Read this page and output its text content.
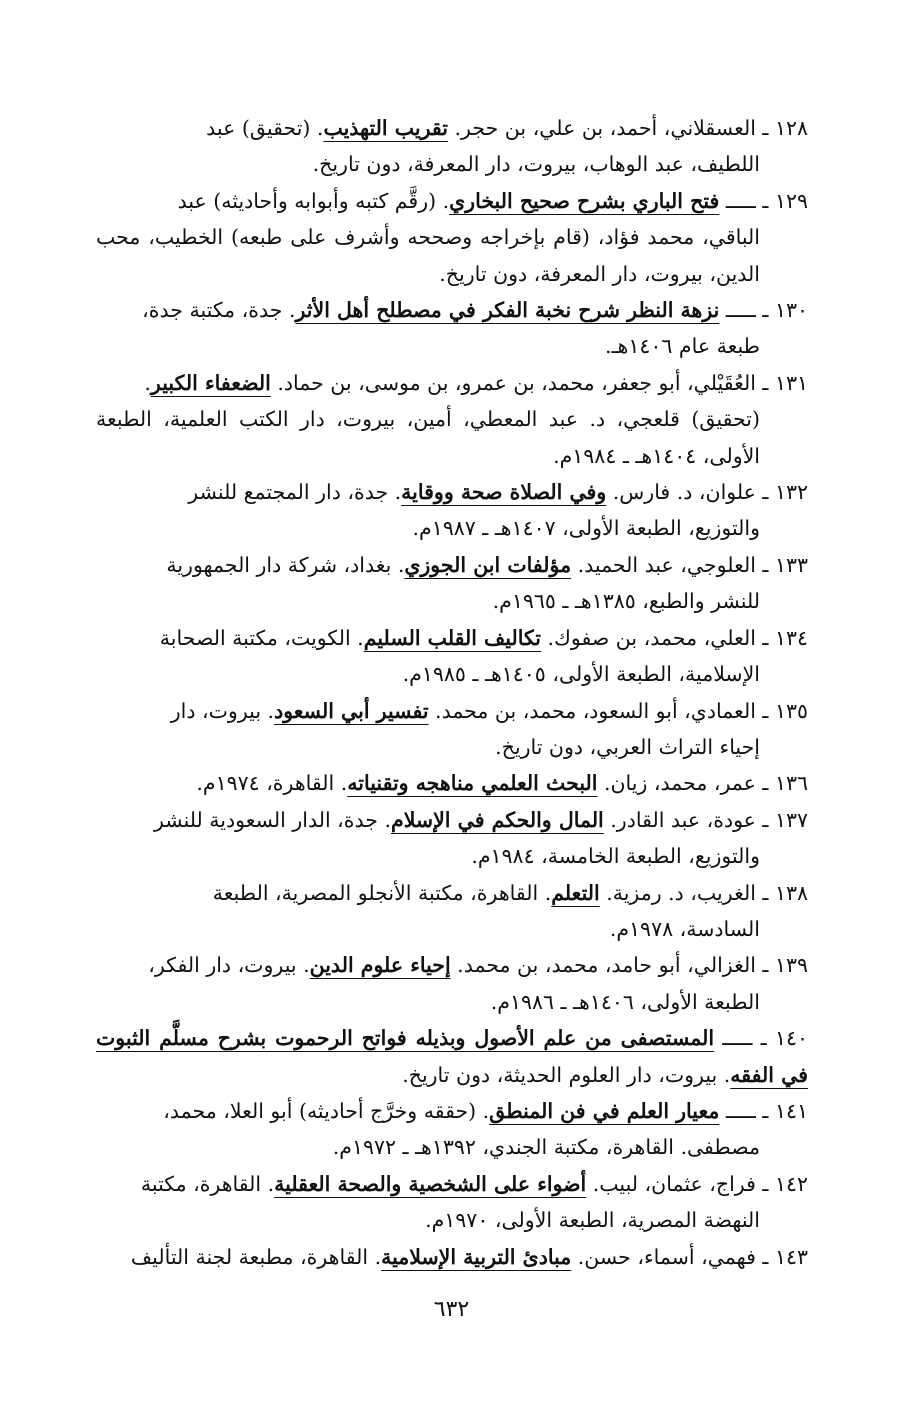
١٢٨ ـ العسقلاني، أحمد، بن علي، بن حجر. تقريب التهذيب. (تحقيق) عبد
اللطيف، عبد الوهاب، بيروت، دار المعرفة، دون تاريخ.

١٢٩ ـ ـــــ فتح الباري بشرح صحيح البخاري. (رقَّم كتبه وأبوابه وأحاديثه) عبد
الباقي، محمد فؤاد، (قام بإخراجه وصححه وأشرف على طبعه) الخطيب، محب الدين، بيروت، دار المعرفة، دون تاريخ.

١٣٠ ـ ـــــ نزهة النظر شرح نخبة الفكر في مصطلح أهل الأثر. جدة، مكتبة جدة،
طبعة عام ١٤٠٦هـ.

١٣١ ـ العُقَيْلي، أبو جعفر، محمد، بن عمرو، بن موسى، بن حماد. الضعفاء الكبير.
(تحقيق) قلعجي، د. عبد المعطي، أمين، بيروت، دار الكتب العلمية، الطبعة الأولى، ١٤٠٤هـ ـ ١٩٨٤م.

١٣٢ ـ علوان، د. فارس. وفي الصلاة صحة ووقاية. جدة، دار المجتمع للنشر
والتوزيع، الطبعة الأولى، ١٤٠٧هـ ـ ١٩٨٧م.

١٣٣ ـ العلوجي، عبد الحميد. مؤلفات ابن الجوزي. بغداد، شركة دار الجمهورية
للنشر والطبع، ١٣٨٥هـ ـ ١٩٦٥م.

١٣٤ ـ العلي، محمد، بن صفوك. تكاليف القلب السليم. الكويت، مكتبة الصحابة
الإسلامية، الطبعة الأولى، ١٤٠٥هـ ـ ١٩٨٥م.

١٣٥ ـ العمادي، أبو السعود، محمد، بن محمد. تفسير أبي السعود. بيروت، دار
إحياء التراث العربي، دون تاريخ.

١٣٦ ـ عمر، محمد، زيان. البحث العلمي مناهجه وتقنياته. القاهرة، ١٩٧٤م.

١٣٧ ـ عودة، عبد القادر. المال والحكم في الإسلام. جدة، الدار السعودية للنشر
والتوزيع، الطبعة الخامسة، ١٩٨٤م.

١٣٨ ـ الغريب، د. رمزية. التعلم. القاهرة، مكتبة الأنجلو المصرية، الطبعة
السادسة، ١٩٧٨م.

١٣٩ ـ الغزالي، أبو حامد، محمد، بن محمد. إحياء علوم الدين. بيروت، دار الفكر،
الطبعة الأولى، ١٤٠٦هـ ـ ١٩٨٦م.

١٤٠ ـ ـــــ المستصفى من علم الأصول وبذيله فواتح الرحموت بشرح مسلَّم الثبوت في الفقه. بيروت، دار العلوم الحديثة، دون تاريخ.

١٤١ ـ ـــــ معيار العلم في فن المنطق. (حققه وخرَّج أحاديثه) أبو العلا، محمد،
مصطفى. القاهرة، مكتبة الجندي، ١٣٩٢هـ ـ ١٩٧٢م.

١٤٢ ـ فراج، عثمان، لبيب. أضواء على الشخصية والصحة العقلية. القاهرة، مكتبة
النهضة المصرية، الطبعة الأولى، ١٩٧٠م.

١٤٣ ـ فهمي، أسماء، حسن. مبادئ التربية الإسلامية. القاهرة، مطبعة لجنة التأليف

٦٣٢
